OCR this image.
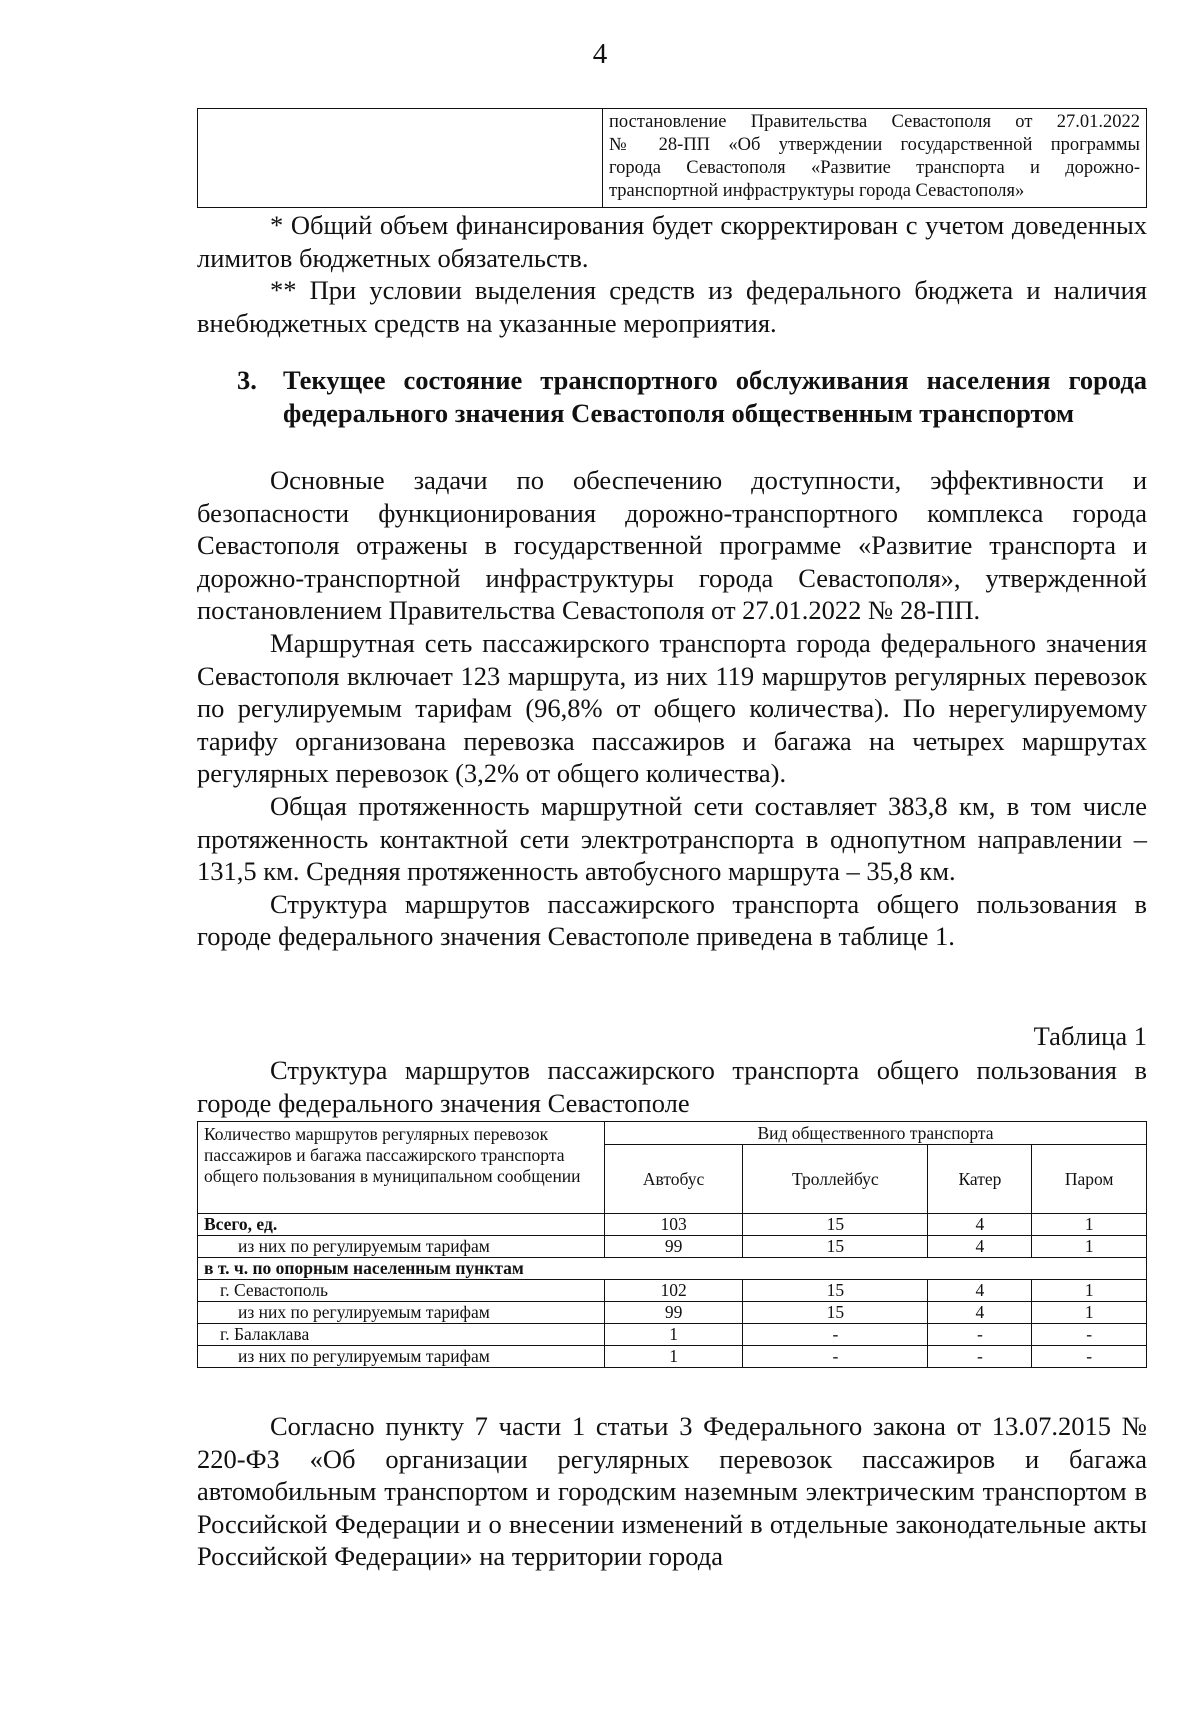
4
постановление Правительства Севастополя от 27.01.2022
№ 28-ПП «Об утверждении государственной программы
города Севастополя «Развитие транспорта и дорожно-
транспортной инфраструктуры города Севастополя»

* Общий объем финансирования будет скорректирован с учетом доведенных лимитов бюджетных обязательств.

** При условии выделения средств из федерального бюджета и наличия внебюджетных средств на указанные мероприятия.

3. Текущее состояние транспортного обслуживания населения города федерального значения Севастополя общественным транспортом

Основные задачи по обеспечению доступности, эффективности и безопасности функционирования дорожно-транспортного комплекса города Севастополя отражены в государственной программе «Развитие транспорта и дорожно-транспортной инфраструктуры города Севастополя», утвержденной постановлением Правительства Севастополя от 27.01.2022 № 28-ПП.

Маршрутная сеть пассажирского транспорта города федерального значения Севастополя включает 123 маршрута, из них 119 маршрутов регулярных перевозок по регулируемым тарифам (96,8% от общего количества). По нерегулируемому тарифу организована перевозка пассажиров и багажа на четырех маршрутах регулярных перевозок (3,2% от общего количества).

Общая протяженность маршрутной сети составляет 383,8 км, в том числе протяженность контактной сети электротранспорта в однопутном направлении – 131,5 км. Средняя протяженность автобусного маршрута – 35,8 км.

Структура маршрутов пассажирского транспорта общего пользования в городе федерального значения Севастополе приведена в таблице 1.

Таблица 1

Структура маршрутов пассажирского транспорта общего пользования в городе федерального значения Севастополе

Количество маршрутов регулярных перевозок пассажиров и багажа пассажирского транспорта общего пользования в муниципальном сообщении	Вид общественного транспорта			
	Автобус	Троллейбус	Катер	Паром
Всего, ед.	103	15	4	1
из них по регулируемым тарифам	99	15	4	1
в т. ч. по опорным населенным пунктам				
г. Севастополь	102	15	4	1
из них по регулируемым тарифам	99	15	4	1
г. Балаклава	1	-	-	-
из них по регулируемым тарифам	1	-	-	-

Согласно пункту 7 части 1 статьи 3 Федерального закона от 13.07.2015 № 220-ФЗ «Об организации регулярных перевозок пассажиров и багажа автомобильным транспортом и городским наземным электрическим транспортом в Российской Федерации и о внесении изменений в отдельные законодательные акты Российской Федерации» на территории города
